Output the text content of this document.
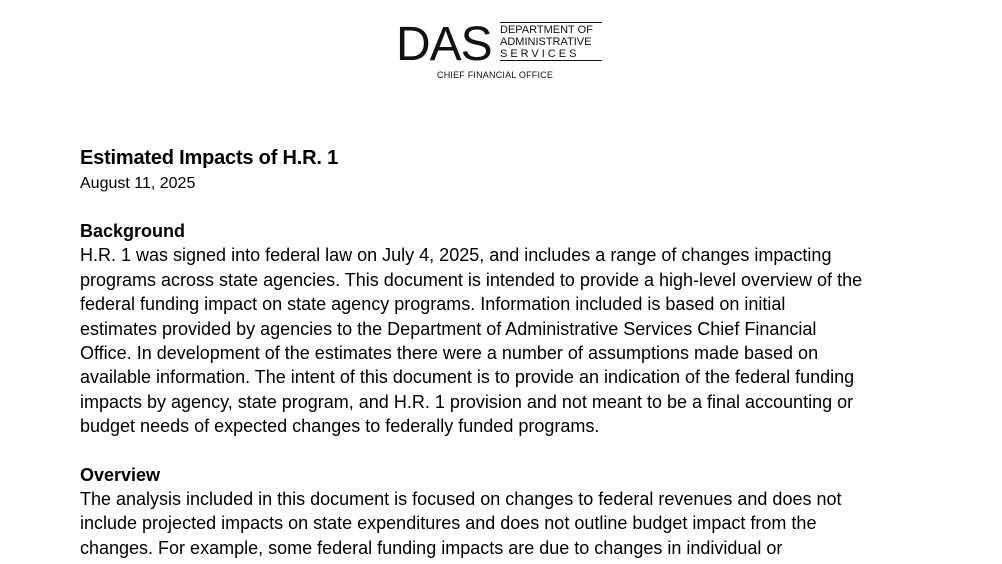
DAS DEPARTMENT OF
ADMINISTRATIVE
SERVICES
CHIEF FINANCIAL OFFICE
Estimated Impacts of H.R. 1

August 11, 2025

Background
H.R. 1 was signed into federal law on July 4, 2025, and includes a range of changes impacting
programs across state agencies. This document is intended to provide a high-level overview of the
federal funding impact on state agency programs. Information included is based on initial
estimates provided by agencies to the Department of Administrative Services Chief Financial
Office. In development of the estimates there were a number of assumptions made based on
available information. The intent of this document is to provide an indication of the federal funding
impacts by agency, state program, and H.R. 1 provision and not meant to be a final accounting or
budget needs of expected changes to federally funded programs.
Overview
The analysis included in this document is focused on changes to federal revenues and does not
include projected impacts on state expenditures and does not outline budget impact from the
changes. For example, some federal funding impacts are due to changes in individual or
